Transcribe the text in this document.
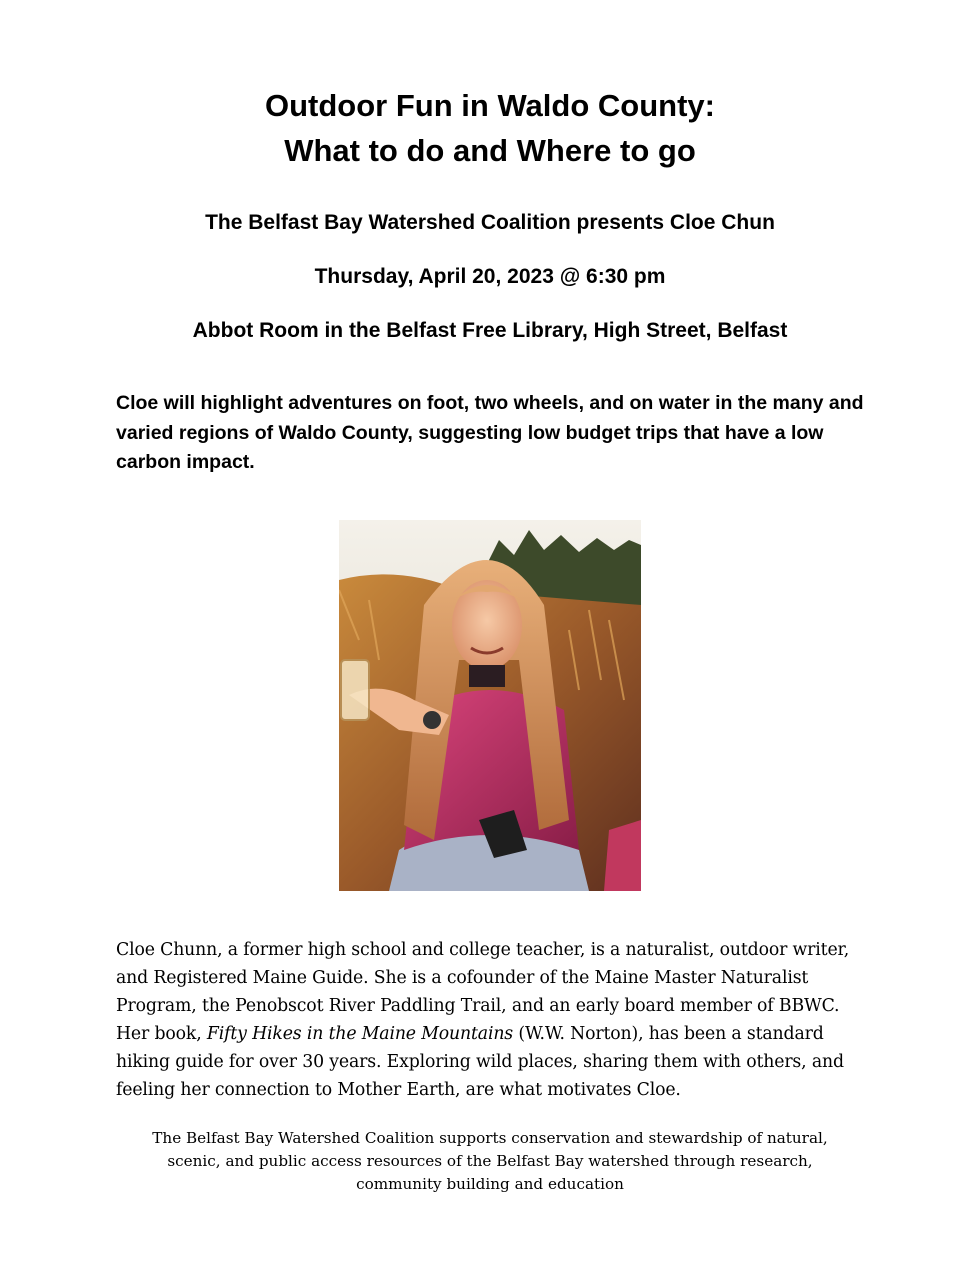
Outdoor Fun in Waldo County:
What to do and Where to go
The Belfast Bay Watershed Coalition presents Cloe Chun
Thursday, April 20, 2023 @ 6:30 pm
Abbot Room in the Belfast Free Library, High Street, Belfast
Cloe will highlight adventures on foot, two wheels, and on water in the many and varied regions of Waldo County, suggesting low budget trips that have a low carbon impact.
Cloe Chunn, a former high school and college teacher, is a naturalist, outdoor writer,
and Registered Maine Guide. She is a cofounder of the Maine Master Naturalist
Program, the Penobscot River Paddling Trail, and an early board member of BBWC.
Her book, Fifty Hikes in the Maine Mountains (W.W. Norton), has been a standard
hiking guide for over 30 years. Exploring wild places, sharing them with others, and
feeling her connection to Mother Earth, are what motivates Cloe.
The Belfast Bay Watershed Coalition supports conservation and stewardship of natural,
scenic, and public access resources of the Belfast Bay watershed through research,
community building and education
